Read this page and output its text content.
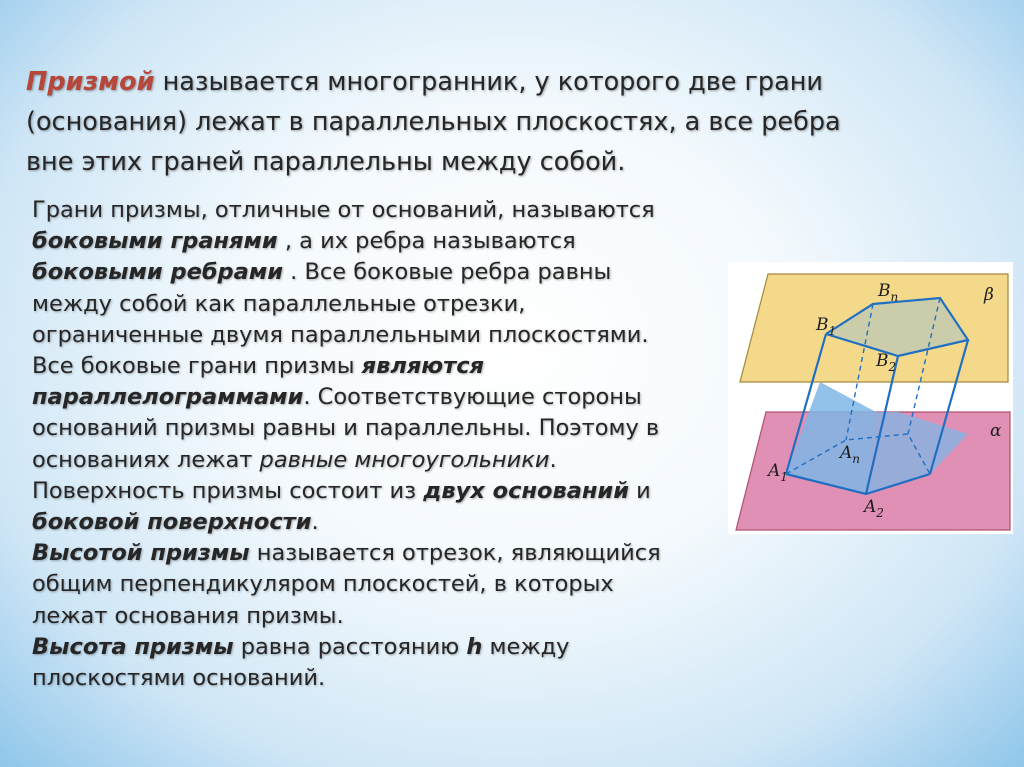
Призмой называется многогранник, у которого две грани
(основания) лежат в параллельных плоскостях, а все ребра
вне этих граней параллельны между собой.

Грани призмы, отличные от оснований, называются
боковыми гранями , а их ребра называются
боковыми ребрами . Все боковые ребра равны
между собой как параллельные отрезки,
ограниченные двумя параллельными плоскостями.
Все боковые грани призмы являются
параллелограммами. Соответствующие стороны
оснований призмы равны и параллельны. Поэтому в
основаниях лежат равные многоугольники.
Поверхность призмы состоит из двух оснований и
боковой поверхности.
Высотой призмы называется отрезок, являющийся
общим перпендикуляром плоскостей, в которых
лежат основания призмы.
Высота призмы равна расстоянию h между
плоскостями оснований.

$B_n$
$B_1$
$B_2$
$A_n$
$A_1$
$A_2$
β
α
